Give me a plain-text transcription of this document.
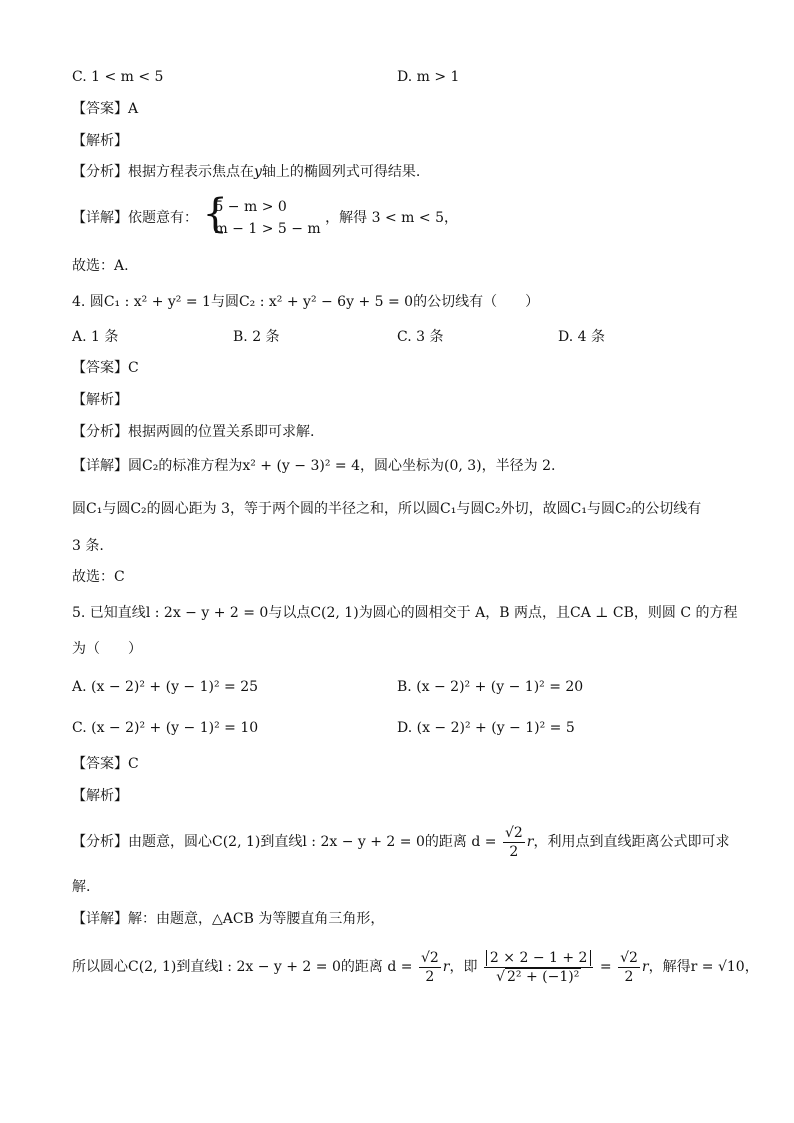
C. 1 < m < 5	D. m > 1
【答案】A
【解析】
【分析】根据方程表示焦点在y轴上的椭圆列式可得结果.
【详解】依题意有： {
5 − m > 0
m − 1 > 5 − m
，解得 3 < m < 5，
故选：A.
4. 圆C₁ : x² + y² = 1与圆C₂ : x² + y² − 6y + 5 = 0的公切线有（　　）
A. 1 条	B. 2 条	C. 3 条	D. 4 条
【答案】C
【解析】
【分析】根据两圆的位置关系即可求解.
【详解】圆C₂的标准方程为x² + (y − 3)² = 4，圆心坐标为(0, 3)，半径为 2.
圆C₁与圆C₂的圆心距为 3，等于两个圆的半径之和，所以圆C₁与圆C₂外切，故圆C₁与圆C₂的公切线有
3 条.
故选：C
5. 已知直线l : 2x − y + 2 = 0与以点C(2, 1)为圆心的圆相交于 A，B 两点，且CA ⊥ CB，则圆 C 的方程
为（　　）
A. (x − 2)² + (y − 1)² = 25	B. (x − 2)² + (y − 1)² = 20
C. (x − 2)² + (y − 1)² = 10	D. (x − 2)² + (y − 1)² = 5
【答案】C
【解析】
【分析】由题意，圆心C(2, 1)到直线l : 2x − y + 2 = 0的距离 $d = \frac{√2}{2}$ r，利用点到直线距离公式即可求
解.
【详解】解：由题意，△ACB 为等腰直角三角形，
所以圆心C(2, 1)到直线l : 2x − y + 2 = 0的距离 $d = \frac{√2}{2}$ r，即 $\frac{2 \times 2 - 1 + 2}{\text{√ 2² + (−1)²}} = \frac{√2}{2}$ r，解得r = √10，
